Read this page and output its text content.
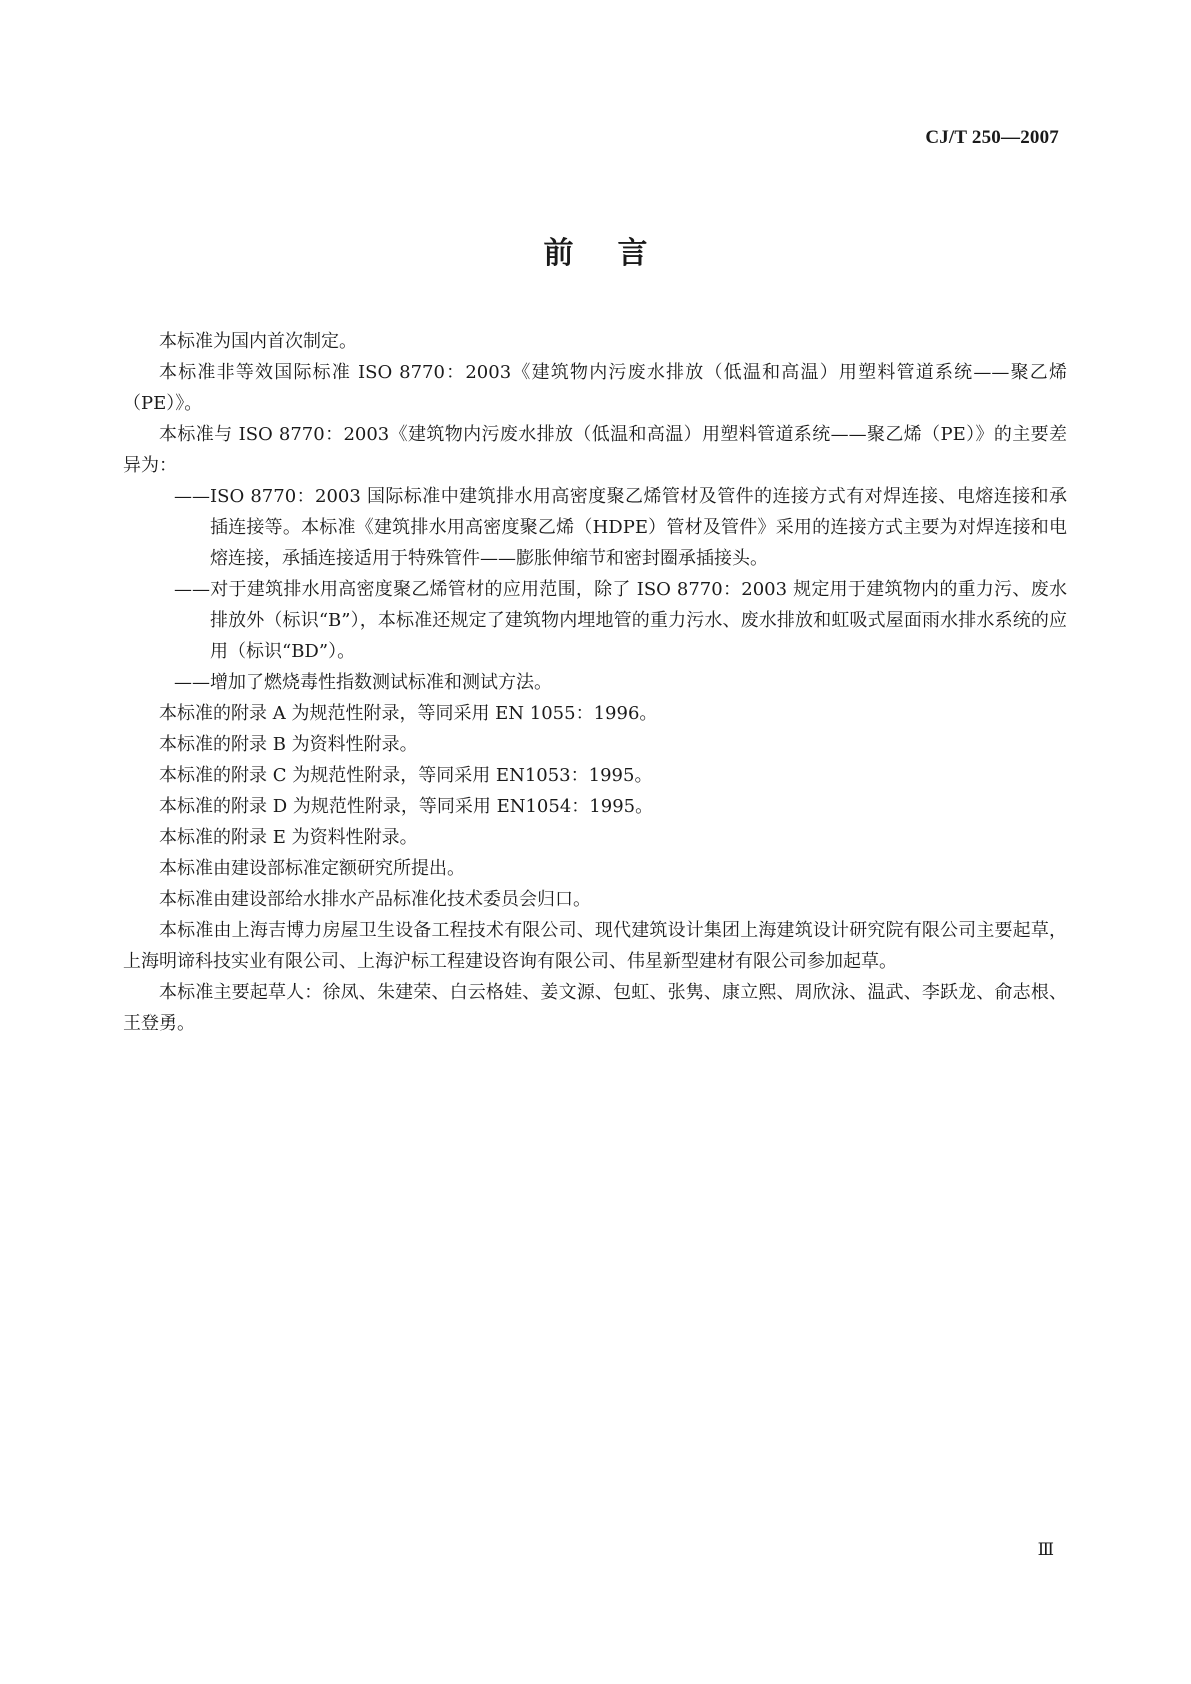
CJ/T 250—2007
前言

本标准为国内首次制定。

本标准非等效国际标准 ISO 8770：2003《建筑物内污废水排放（低温和高温）用塑料管道系统——聚乙烯（PE）》。

本标准与 ISO 8770：2003《建筑物内污废水排放（低温和高温）用塑料管道系统——聚乙烯（PE）》的主要差异为：

——ISO 8770：2003 国际标准中建筑排水用高密度聚乙烯管材及管件的连接方式有对焊连接、电熔连接和承插连接等。本标准《建筑排水用高密度聚乙烯（HDPE）管材及管件》采用的连接方式主要为对焊连接和电熔连接，承插连接适用于特殊管件——膨胀伸缩节和密封圈承插接头。

——对于建筑排水用高密度聚乙烯管材的应用范围，除了 ISO 8770：2003 规定用于建筑物内的重力污、废水排放外（标识“B”），本标准还规定了建筑物内埋地管的重力污水、废水排放和虹吸式屋面雨水排水系统的应用（标识“BD”）。

——增加了燃烧毒性指数测试标准和测试方法。

本标准的附录 A 为规范性附录，等同采用 EN 1055：1996。

本标准的附录 B 为资料性附录。

本标准的附录 C 为规范性附录，等同采用 EN1053：1995。

本标准的附录 D 为规范性附录，等同采用 EN1054：1995。

本标准的附录 E 为资料性附录。

本标准由建设部标准定额研究所提出。

本标准由建设部给水排水产品标准化技术委员会归口。

本标准由上海吉博力房屋卫生设备工程技术有限公司、现代建筑设计集团上海建筑设计研究院有限公司主要起草，上海明谛科技实业有限公司、上海沪标工程建设咨询有限公司、伟星新型建材有限公司参加起草。

本标准主要起草人：徐凤、朱建荣、白云格娃、姜文源、包虹、张隽、康立熙、周欣泳、温武、李跃龙、俞志根、王登勇。

Ⅲ
